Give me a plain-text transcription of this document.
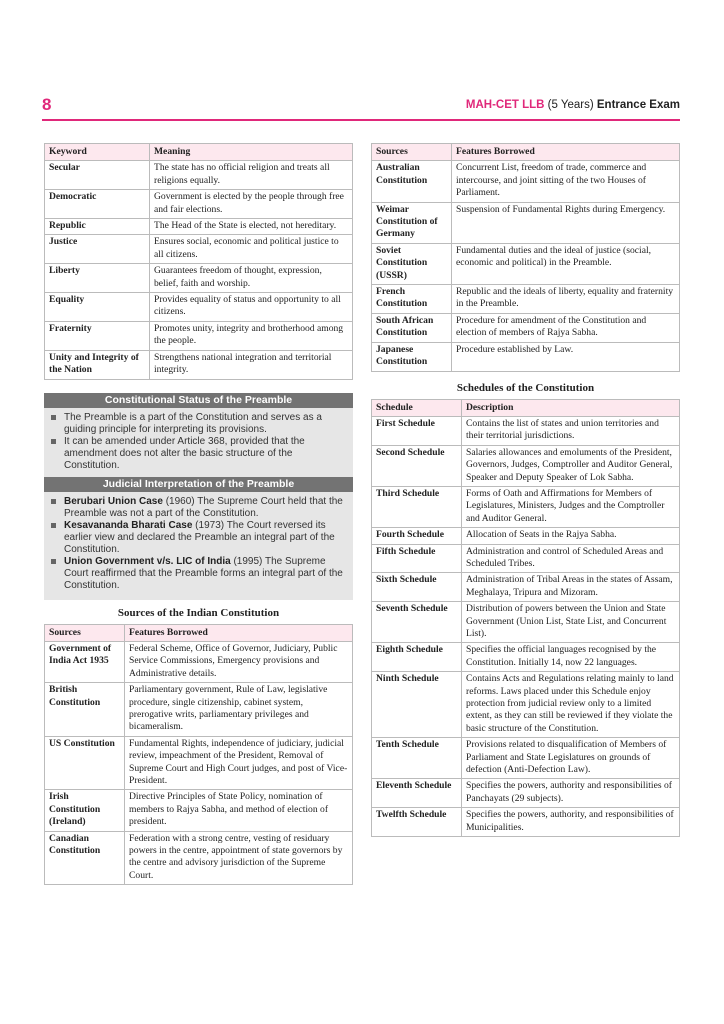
8	MAH-CET LLB (5 Years) Entrance Exam
Keyword	Meaning
Secular	The state has no official religion and treats all religions equally.
Democratic	Government is elected by the people through free and fair elections.
Republic	The Head of the State is elected, not hereditary.
Justice	Ensures social, economic and political justice to all citizens.
Liberty	Guarantees freedom of thought, expression, belief, faith and worship.
Equality	Provides equality of status and opportunity to all citizens.
Fraternity	Promotes unity, integrity and brotherhood among the people.
Unity and Integrity of the Nation	Strengthens national integration and territorial integrity.
Constitutional Status of the Preamble
The Preamble is a part of the Constitution and serves as a guiding principle for interpreting its provisions.
It can be amended under Article 368, provided that the amendment does not alter the basic structure of the Constitution.
Judicial Interpretation of the Preamble
Berubari Union Case (1960) The Supreme Court held that the Preamble was not a part of the Constitution.
Kesavananda Bharati Case (1973) The Court reversed its earlier view and declared the Preamble an integral part of the Constitution.
Union Government v/s. LIC of India (1995) The Supreme Court reaffirmed that the Preamble forms an integral part of the Constitution.
Sources of the Indian Constitution
Sources	Features Borrowed
Government of India Act 1935	Federal Scheme, Office of Governor, Judiciary, Public Service Commissions, Emergency provisions and Administrative details.
British Constitution	Parliamentary government, Rule of Law, legislative procedure, single citizenship, cabinet system, prerogative writs, parliamentary privileges and bicameralism.
US Constitution	Fundamental Rights, independence of judiciary, judicial review, impeachment of the President, Removal of Supreme Court and High Court judges, and post of Vice-President.
Irish Constitution (Ireland)	Directive Principles of State Policy, nomination of members to Rajya Sabha, and method of election of president.
Canadian Constitution	Federation with a strong centre, vesting of residuary powers in the centre, appointment of state governors by the centre and advisory jurisdiction of the Supreme Court.
Sources	Features Borrowed
Australian Constitution	Concurrent List, freedom of trade, commerce and intercourse, and joint sitting of the two Houses of Parliament.
Weimar Constitution of Germany	Suspension of Fundamental Rights during Emergency.
Soviet Constitution (USSR)	Fundamental duties and the ideal of justice (social, economic and political) in the Preamble.
French Constitution	Republic and the ideals of liberty, equality and fraternity in the Preamble.
South African Constitution	Procedure for amendment of the Constitution and election of members of Rajya Sabha.
Japanese Constitution	Procedure established by Law.
Schedules of the Constitution
Schedule	Description
First Schedule	Contains the list of states and union territories and their territorial jurisdictions.
Second Schedule	Salaries allowances and emoluments of the President, Governors, Judges, Comptroller and Auditor General, Speaker and Deputy Speaker of Lok Sabha.
Third Schedule	Forms of Oath and Affirmations for Members of Legislatures, Ministers, Judges and the Comptroller and Auditor General.
Fourth Schedule	Allocation of Seats in the Rajya Sabha.
Fifth Schedule	Administration and control of Scheduled Areas and Scheduled Tribes.
Sixth Schedule	Administration of Tribal Areas in the states of Assam, Meghalaya, Tripura and Mizoram.
Seventh Schedule	Distribution of powers between the Union and State Government (Union List, State List, and Concurrent List).
Eighth Schedule	Specifies the official languages recognised by the Constitution. Initially 14, now 22 languages.
Ninth Schedule	Contains Acts and Regulations relating mainly to land reforms. Laws placed under this Schedule enjoy protection from judicial review only to a limited extent, as they can still be reviewed if they violate the basic structure of the Constitution.
Tenth Schedule	Provisions related to disqualification of Members of Parliament and State Legislatures on grounds of defection (Anti-Defection Law).
Eleventh Schedule	Specifies the powers, authority and responsibilities of Panchayats (29 subjects).
Twelfth Schedule	Specifies the powers, authority, and responsibilities of Municipalities.
